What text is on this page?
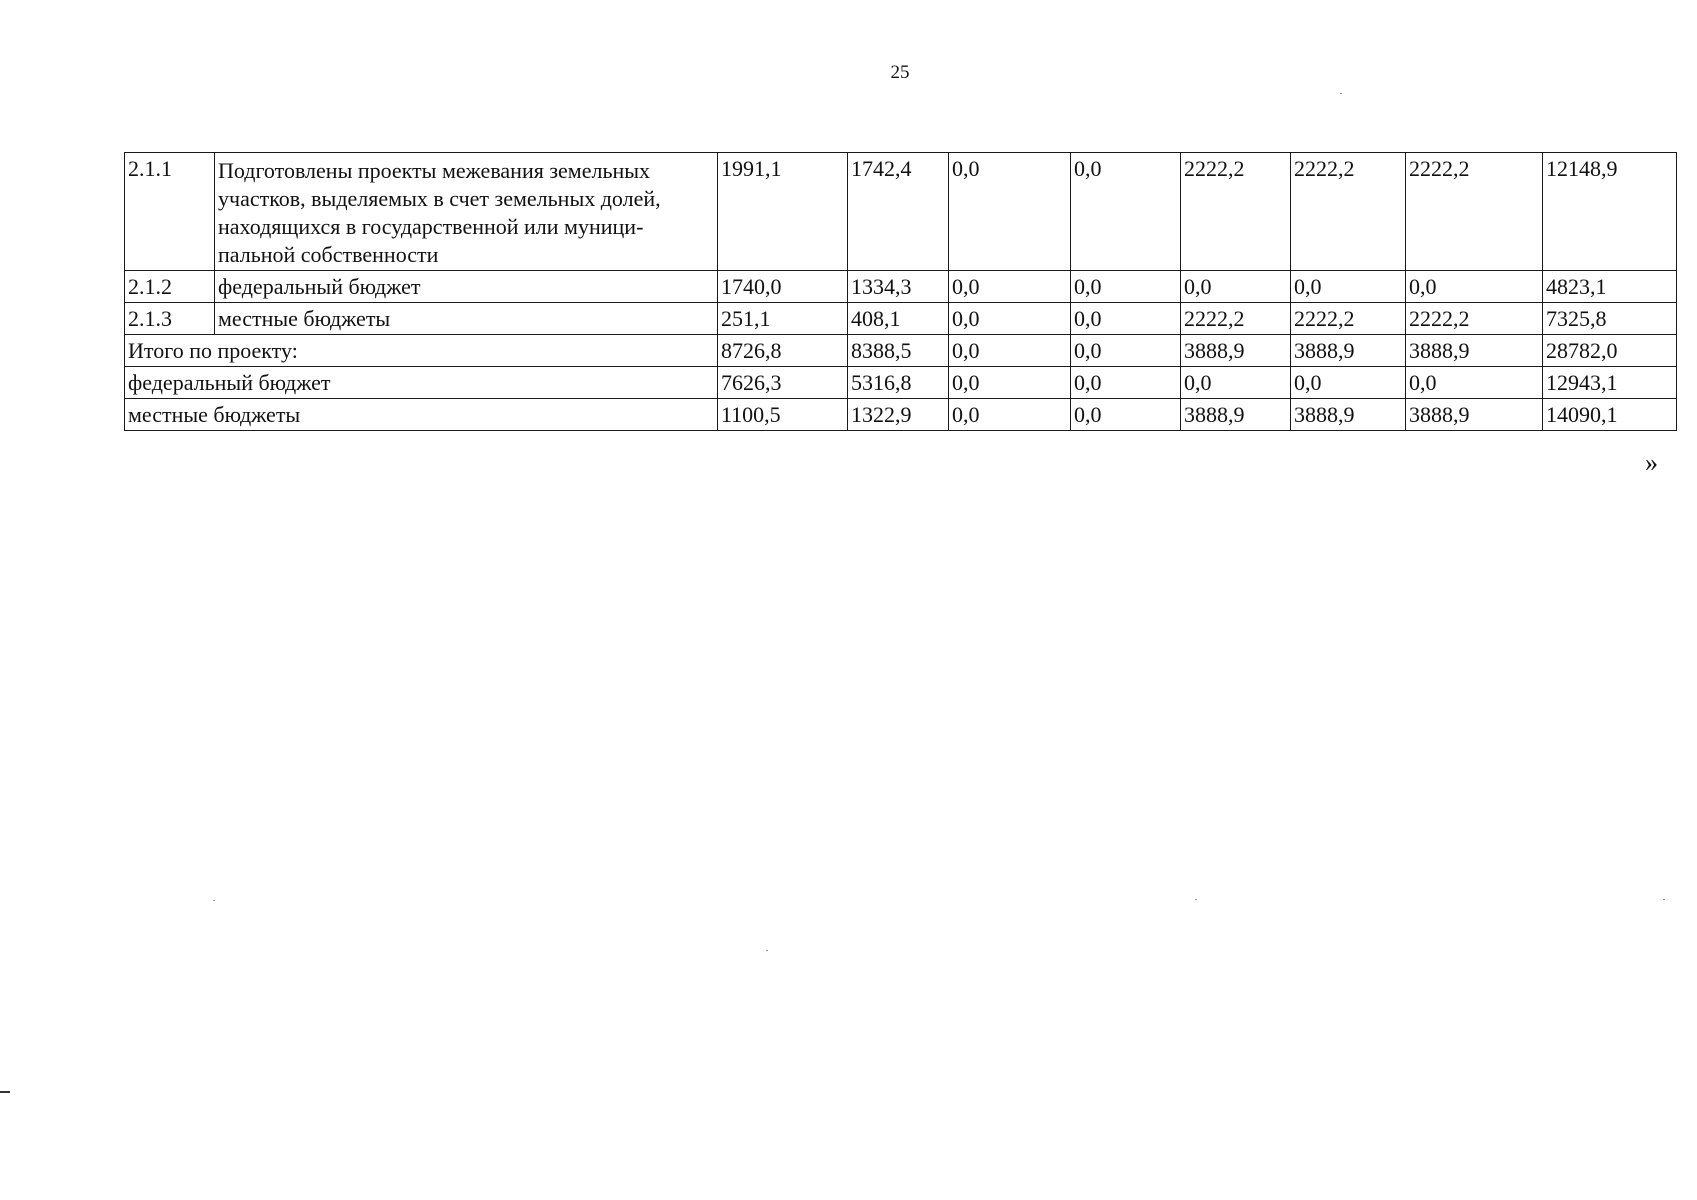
25
2.1.1	Подготовлены проекты межевания земельных участков, выделяемых в счет земельных долей, находящихся в государственной или муници-пальной собственности	1991,1	1742,4	0,0	0,0	2222,2	2222,2	2222,2	12148,9
2.1.2	федеральный бюджет	1740,0	1334,3	0,0	0,0	0,0	0,0	0,0	4823,1
2.1.3	местные бюджеты	251,1	408,1	0,0	0,0	2222,2	2222,2	2222,2	7325,8
Итого по проекту:		8726,8	8388,5	0,0	0,0	3888,9	3888,9	3888,9	28782,0
федеральный бюджет		7626,3	5316,8	0,0	0,0	0,0	0,0	0,0	12943,1
местные бюджеты		1100,5	1322,9	0,0	0,0	3888,9	3888,9	3888,9	14090,1
»
